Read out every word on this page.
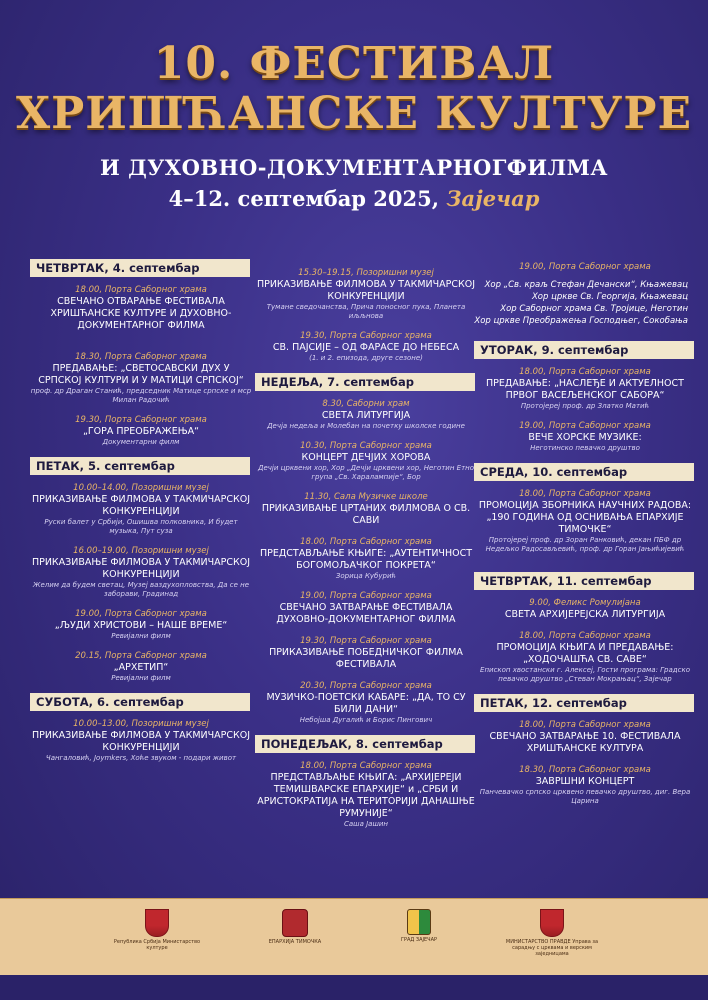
10. ФЕСТИВАЛ
ХРИШЋАНСКЕ КУЛТУРЕ
И ДУХОВНО-ДОКУМЕНТАРНОГФИЛМА
4–12. септембар 2025, Зајечар
ЧЕТВРТАК, 4. септембар
18.00, Порта Саборног храма
СВЕЧАНО ОТВАРАЊЕ ФЕСТИВАЛА ХРИШЋАНСКЕ КУЛТУРЕ И ДУХОВНО-ДОКУМЕНТАРНОГ ФИЛМА
18.30, Порта Саборног храма
ПРЕДАВАЊЕ: „СВЕТОСАВСКИ ДУХ У СРПСКОЈ КУЛТУРИ И У МАТИЦИ СРПСКОЈ“
проф. др Драган Станић, председник Матице српске и мср Милан Радочић
19.30, Порта Саборног храма
„ГОРА ПРЕОБРАЖЕЊА“
Документарни филм
ПЕТАК, 5. септембар
10.00–14.00, Позоришни музеј
ПРИКАЗИВАЊЕ ФИЛМОВА У ТАКМИЧАРСКОЈ КОНКУРЕНЦИЈИ
Руски балет у Србији, Ошишва полковника, И будет музыка, Пут суза
16.00–19.00, Позоришни музеј
ПРИКАЗИВАЊЕ ФИЛМОВА У ТАКМИЧАРСКОЈ КОНКУРЕНЦИЈИ
Желим да будем светац, Музеј ваздухопловства, Да се не заборави, Градинад
19.00, Порта Саборног храма
„ЉУДИ ХРИСТОВИ – НАШЕ ВРЕМЕ“
Ревијални филм
20.15, Порта Саборног храма
„АРХЕТИП“
Ревијални филм
СУБОТА, 6. септембар
10.00–13.00, Позоришни музеј
ПРИКАЗИВАЊЕ ФИЛМОВА У ТАКМИЧАРСКОЈ КОНКУРЕНЦИЈИ
Чангаловић, Joymkers, Хоће звуком - подари живот
15.30–19.15, Позоришни музеј
ПРИКАЗИВАЊЕ ФИЛМОВА У ТАКМИЧАРСКОЈ КОНКУРЕНЦИЈИ
Тумане сведочанства, Прича поносног пука, Планета иљљнова
19.30, Порта Саборног храма
СВ. ПАЈСИЈЕ – ОД ФАРАСЕ ДО НЕБЕСА
(1. и 2. епизода, друге сезоне)
НЕДЕЉА, 7. септембар
8.30, Саборни храм
СВЕТА ЛИТУРГИЈА
Дечја недеља и Молебан на почетку школске године
10.30, Порта Саборног храма
КОНЦЕРТ ДЕЧЈИХ ХОРОВА
Дечји црквени хор, Хор „Дечји црквени хор, Неготин Етно група „Св. Харалампије“, Бор
11.30, Сала Музичке школе
ПРИКАЗИВАЊЕ ЦРТАНИХ ФИЛМОВА О СВ. САВИ
18.00, Порта Саборног храма
ПРЕДСТАВЉАЊЕ КЊИГЕ: „АУТЕНТИЧНОСТ БОГОМОЉАЧКОГ ПОКРЕТА“
Зорица Кубурић
19.00, Порта Саборног храма
СВЕЧАНО ЗАТВАРАЊЕ ФЕСТИВАЛА ДУХОВНО-ДОКУМЕНТАРНОГ ФИЛМА
19.30, Порта Саборног храма
ПРИКАЗИВАЊЕ ПОБЕДНИЧКОГ ФИЛМА ФЕСТИВАЛА
20.30, Порта Саборног храма
МУЗИЧКО-ПОЕТСКИ КАБАРЕ: „ДА, ТО СУ БИЛИ ДАНИ“
Небојша Дугалић и Борис Пингович
ПОНЕДЕЉАК, 8. септембар
18.00, Порта Саборног храма
ПРЕДСТАВЉАЊЕ КЊИГА: „АРХИЈЕРЕЈИ ТЕМИШВАРСКЕ ЕПАРХИЈЕ“ и „СРБИ И АРИСТОКРАТИЈА НА ТЕРИТОРИЈИ ДАНАШЊЕ РУМУНИЈЕ“
Саша Јашин
19.00, Порта Саборног храма
Хор „Св. краљ Стефан Дечански“, Књажевац
Хор цркве Св. Георгија, Књажевац
Хор Саборног храма Св. Тројице, Неготин
Хор цркве Преображења Господњег, Сокобања
УТОРАК, 9. септембар
18.00, Порта Саборног храма
ПРЕДАВАЊЕ: „НАСЛЕЂЕ И АКТУЕЛНОСТ ПРВОГ ВАСЕЉЕНСКОГ САБОРА“
Протојереј проф. др Златко Матић
19.00, Порта Саборног храма
ВЕЧЕ ХОРСКЕ МУЗИКЕ:
Неготинско певачко друштво
СРЕДА, 10. септембар
18.00, Порта Саборног храма
ПРОМОЦИЈА ЗБОРНИКА НАУЧНИХ РАДОВА: „190 ГОДИНА ОД ОСНИВАЊА ЕПАРХИЈЕ ТИМОЧКЕ“
Протојереј проф. др Зоран Ранковић, декан ПБФ др Недељко Радосављевић, проф. др Горан Јањићијевић
ЧЕТВРТАК, 11. септембар
9.00, Феликс Ромулијана
СВЕТА АРХИЈЕРЕЈСКА ЛИТУРГИЈА
18.00, Порта Саборног храма
ПРОМОЦИЈА КЊИГА И ПРЕДАВАЊЕ: „ХОДОЧАШЋА СВ. САВЕ“
Епископ хвостански г. Алексеј, Гости програма: Градско певачко друштво „Стеван Мокрањац“, Зајечар
ПЕТАК, 12. септембар
18.00, Порта Саборног храма
СВЕЧАНО ЗАТВАРАЊЕ 10. ФЕСТИВАЛА ХРИШЋАНСКЕ КУЛТУРА
18.30, Порта Саборног храма
ЗАВРШНИ КОНЦЕРТ
Панчевачко српско црквено певачко друштво, диг. Вера Царина
Република Србија Министарство културе
ЕПАРХИЈА ТИМОЧКА	ГРАД ЗАЈЕЧАР	МИНИСТАРСТВО ПРАВДЕ Управа за сарадњу с црквама и верским заједницама
